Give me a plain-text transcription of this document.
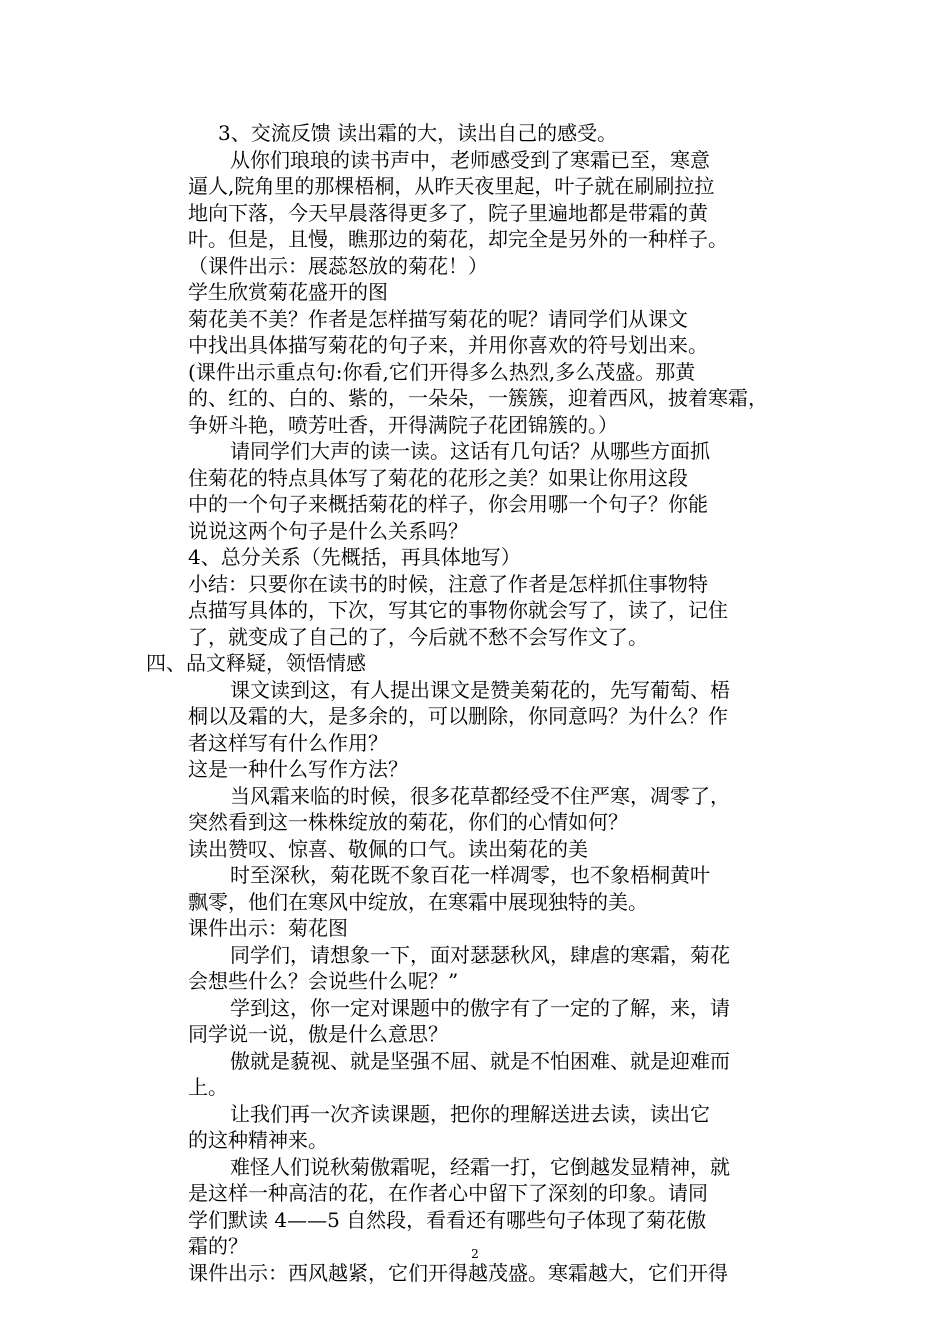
3、交流反馈 读出霜的大，读出自己的感受。
从你们琅琅的读书声中，老师感受到了寒霜已至，寒意
逼人,院角里的那棵梧桐，从昨天夜里起，叶子就在刷刷拉拉
地向下落，今天早晨落得更多了，院子里遍地都是带霜的黄
叶。但是，且慢，瞧那边的菊花，却完全是另外的一种样子。
（课件出示：展蕊怒放的菊花！）
学生欣赏菊花盛开的图
菊花美不美？作者是怎样描写菊花的呢？请同学们从课文
中找出具体描写菊花的句子来，并用你喜欢的符号划出来。
(课件出示重点句:你看,它们开得多么热烈,多么茂盛。那黄
的、红的、白的、紫的，一朵朵，一簇簇，迎着西风，披着寒霜，
争妍斗艳，喷芳吐香，开得满院子花团锦簇的。）
请同学们大声的读一读。这话有几句话？从哪些方面抓
住菊花的特点具体写了菊花的花形之美？如果让你用这段
中的一个句子来概括菊花的样子，你会用哪一个句子？你能
说说这两个句子是什么关系吗？
4、总分关系（先概括，再具体地写）
小结：只要你在读书的时候，注意了作者是怎样抓住事物特
点描写具体的，下次，写其它的事物你就会写了，读了，记住
了，就变成了自己的了，今后就不愁不会写作文了。
四、品文释疑，领悟情感
课文读到这，有人提出课文是赞美菊花的，先写葡萄、梧
桐以及霜的大，是多余的，可以删除，你同意吗？为什么？作
者这样写有什么作用？
这是一种什么写作方法？
当风霜来临的时候，很多花草都经受不住严寒，凋零了，
突然看到这一株株绽放的菊花，你们的心情如何？
读出赞叹、惊喜、敬佩的口气。读出菊花的美
时至深秋，菊花既不象百花一样凋零，也不象梧桐黄叶
飘零，他们在寒风中绽放，在寒霜中展现独特的美。
课件出示：菊花图
同学们，请想象一下，面对瑟瑟秋风，肆虐的寒霜，菊花
会想些什么？会说些什么呢？”
学到这，你一定对课题中的傲字有了一定的了解，来，请
同学说一说，傲是什么意思？
傲就是藐视、就是坚强不屈、就是不怕困难、就是迎难而
上。
让我们再一次齐读课题，把你的理解送进去读，读出它
的这种精神来。
难怪人们说秋菊傲霜呢，经霜一打，它倒越发显精神，就
是这样一种高洁的花，在作者心中留下了深刻的印象。请同
学们默读 4——5 自然段，看看还有哪些句子体现了菊花傲
霜的？
课件出示：西风越紧，它们开得越茂盛。寒霜越大，它们开得
2
